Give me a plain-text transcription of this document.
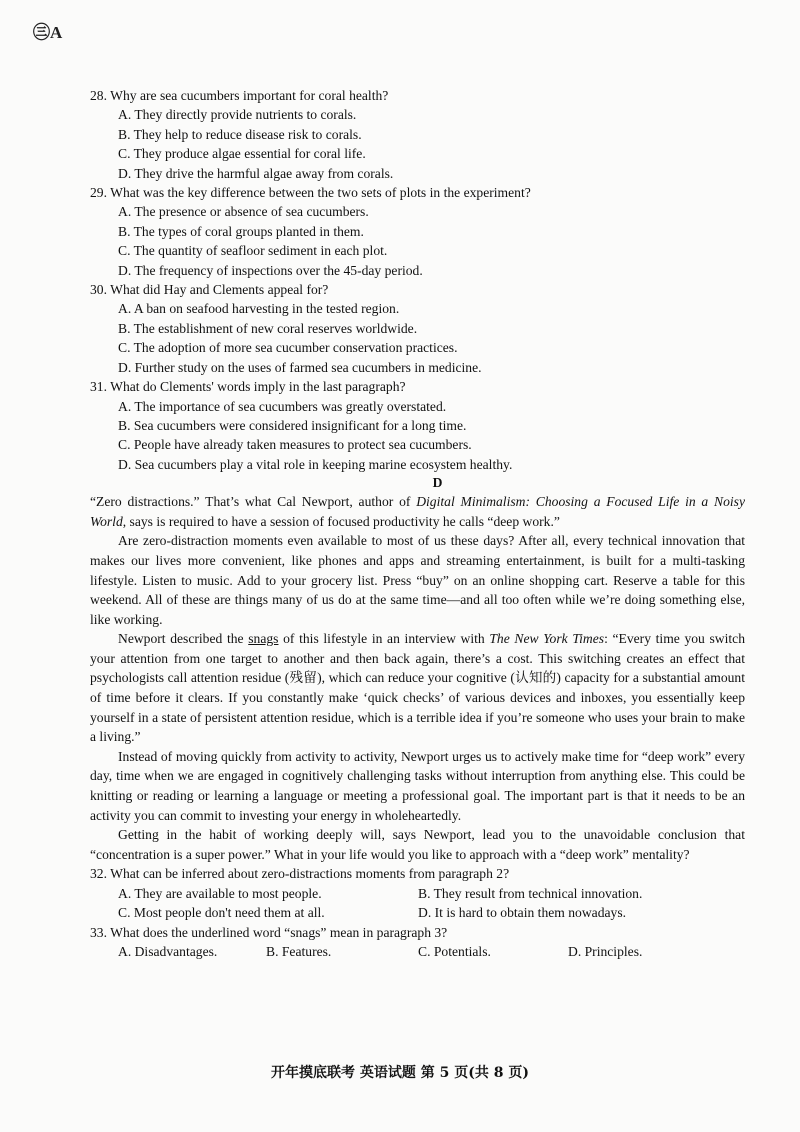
㊂A

28. Why are sea cucumbers important for coral health?

A. They directly provide nutrients to corals.

B. They help to reduce disease risk to corals.

C. They produce algae essential for coral life.

D. They drive the harmful algae away from corals.

29. What was the key difference between the two sets of plots in the experiment?

A. The presence or absence of sea cucumbers.

B. The types of coral groups planted in them.

C. The quantity of seafloor sediment in each plot.

D. The frequency of inspections over the 45-day period.

30. What did Hay and Clements appeal for?

A. A ban on seafood harvesting in the tested region.

B. The establishment of new coral reserves worldwide.

C. The adoption of more sea cucumber conservation practices.

D. Further study on the uses of farmed sea cucumbers in medicine.

31. What do Clements' words imply in the last paragraph?

A. The importance of sea cucumbers was greatly overstated.

B. Sea cucumbers were considered insignificant for a long time.

C. People have already taken measures to protect sea cucumbers.

D. Sea cucumbers play a vital role in keeping marine ecosystem healthy.

D

“Zero distractions.” That’s what Cal Newport, author of Digital Minimalism: Choosing a Focused Life in a Noisy World, says is required to have a session of focused productivity he calls “deep work.”

Are zero-distraction moments even available to most of us these days? After all, every technical innovation that makes our lives more convenient, like phones and apps and streaming entertainment, is built for a multi-tasking lifestyle. Listen to music. Add to your grocery list. Press “buy” on an online shopping cart. Reserve a table for this weekend. All of these are things many of us do at the same time—and all too often while we’re doing something else, like working.

Newport described the snags of this lifestyle in an interview with The New York Times: “Every time you switch your attention from one target to another and then back again, there’s a cost. This switching creates an effect that psychologists call attention residue (残留), which can reduce your cognitive (认知的) capacity for a substantial amount of time before it clears. If you constantly make ‘quick checks’ of various devices and inboxes, you essentially keep yourself in a state of persistent attention residue, which is a terrible idea if you’re someone who uses your brain to make a living.”

Instead of moving quickly from activity to activity, Newport urges us to actively make time for “deep work” every day, time when we are engaged in cognitively challenging tasks without interruption from anything else. This could be knitting or reading or learning a language or meeting a professional goal. The important part is that it needs to be an activity you can commit to investing your energy in wholeheartedly.

Getting in the habit of working deeply will, says Newport, lead you to the unavoidable conclusion that “concentration is a super power.” What in your life would you like to approach with a “deep work” mentality?

32. What can be inferred about zero-distractions moments from paragraph 2?

A. They are available to most people.	B. They result from technical innovation.
C. Most people don't need them at all.	D. It is hard to obtain them nowadays.

33. What does the underlined word “snags” mean in paragraph 3?

A. Disadvantages.	B. Features.	C. Potentials.	D. Principles.
开年摸底联考 英语试题 第 5 页(共 8 页)
